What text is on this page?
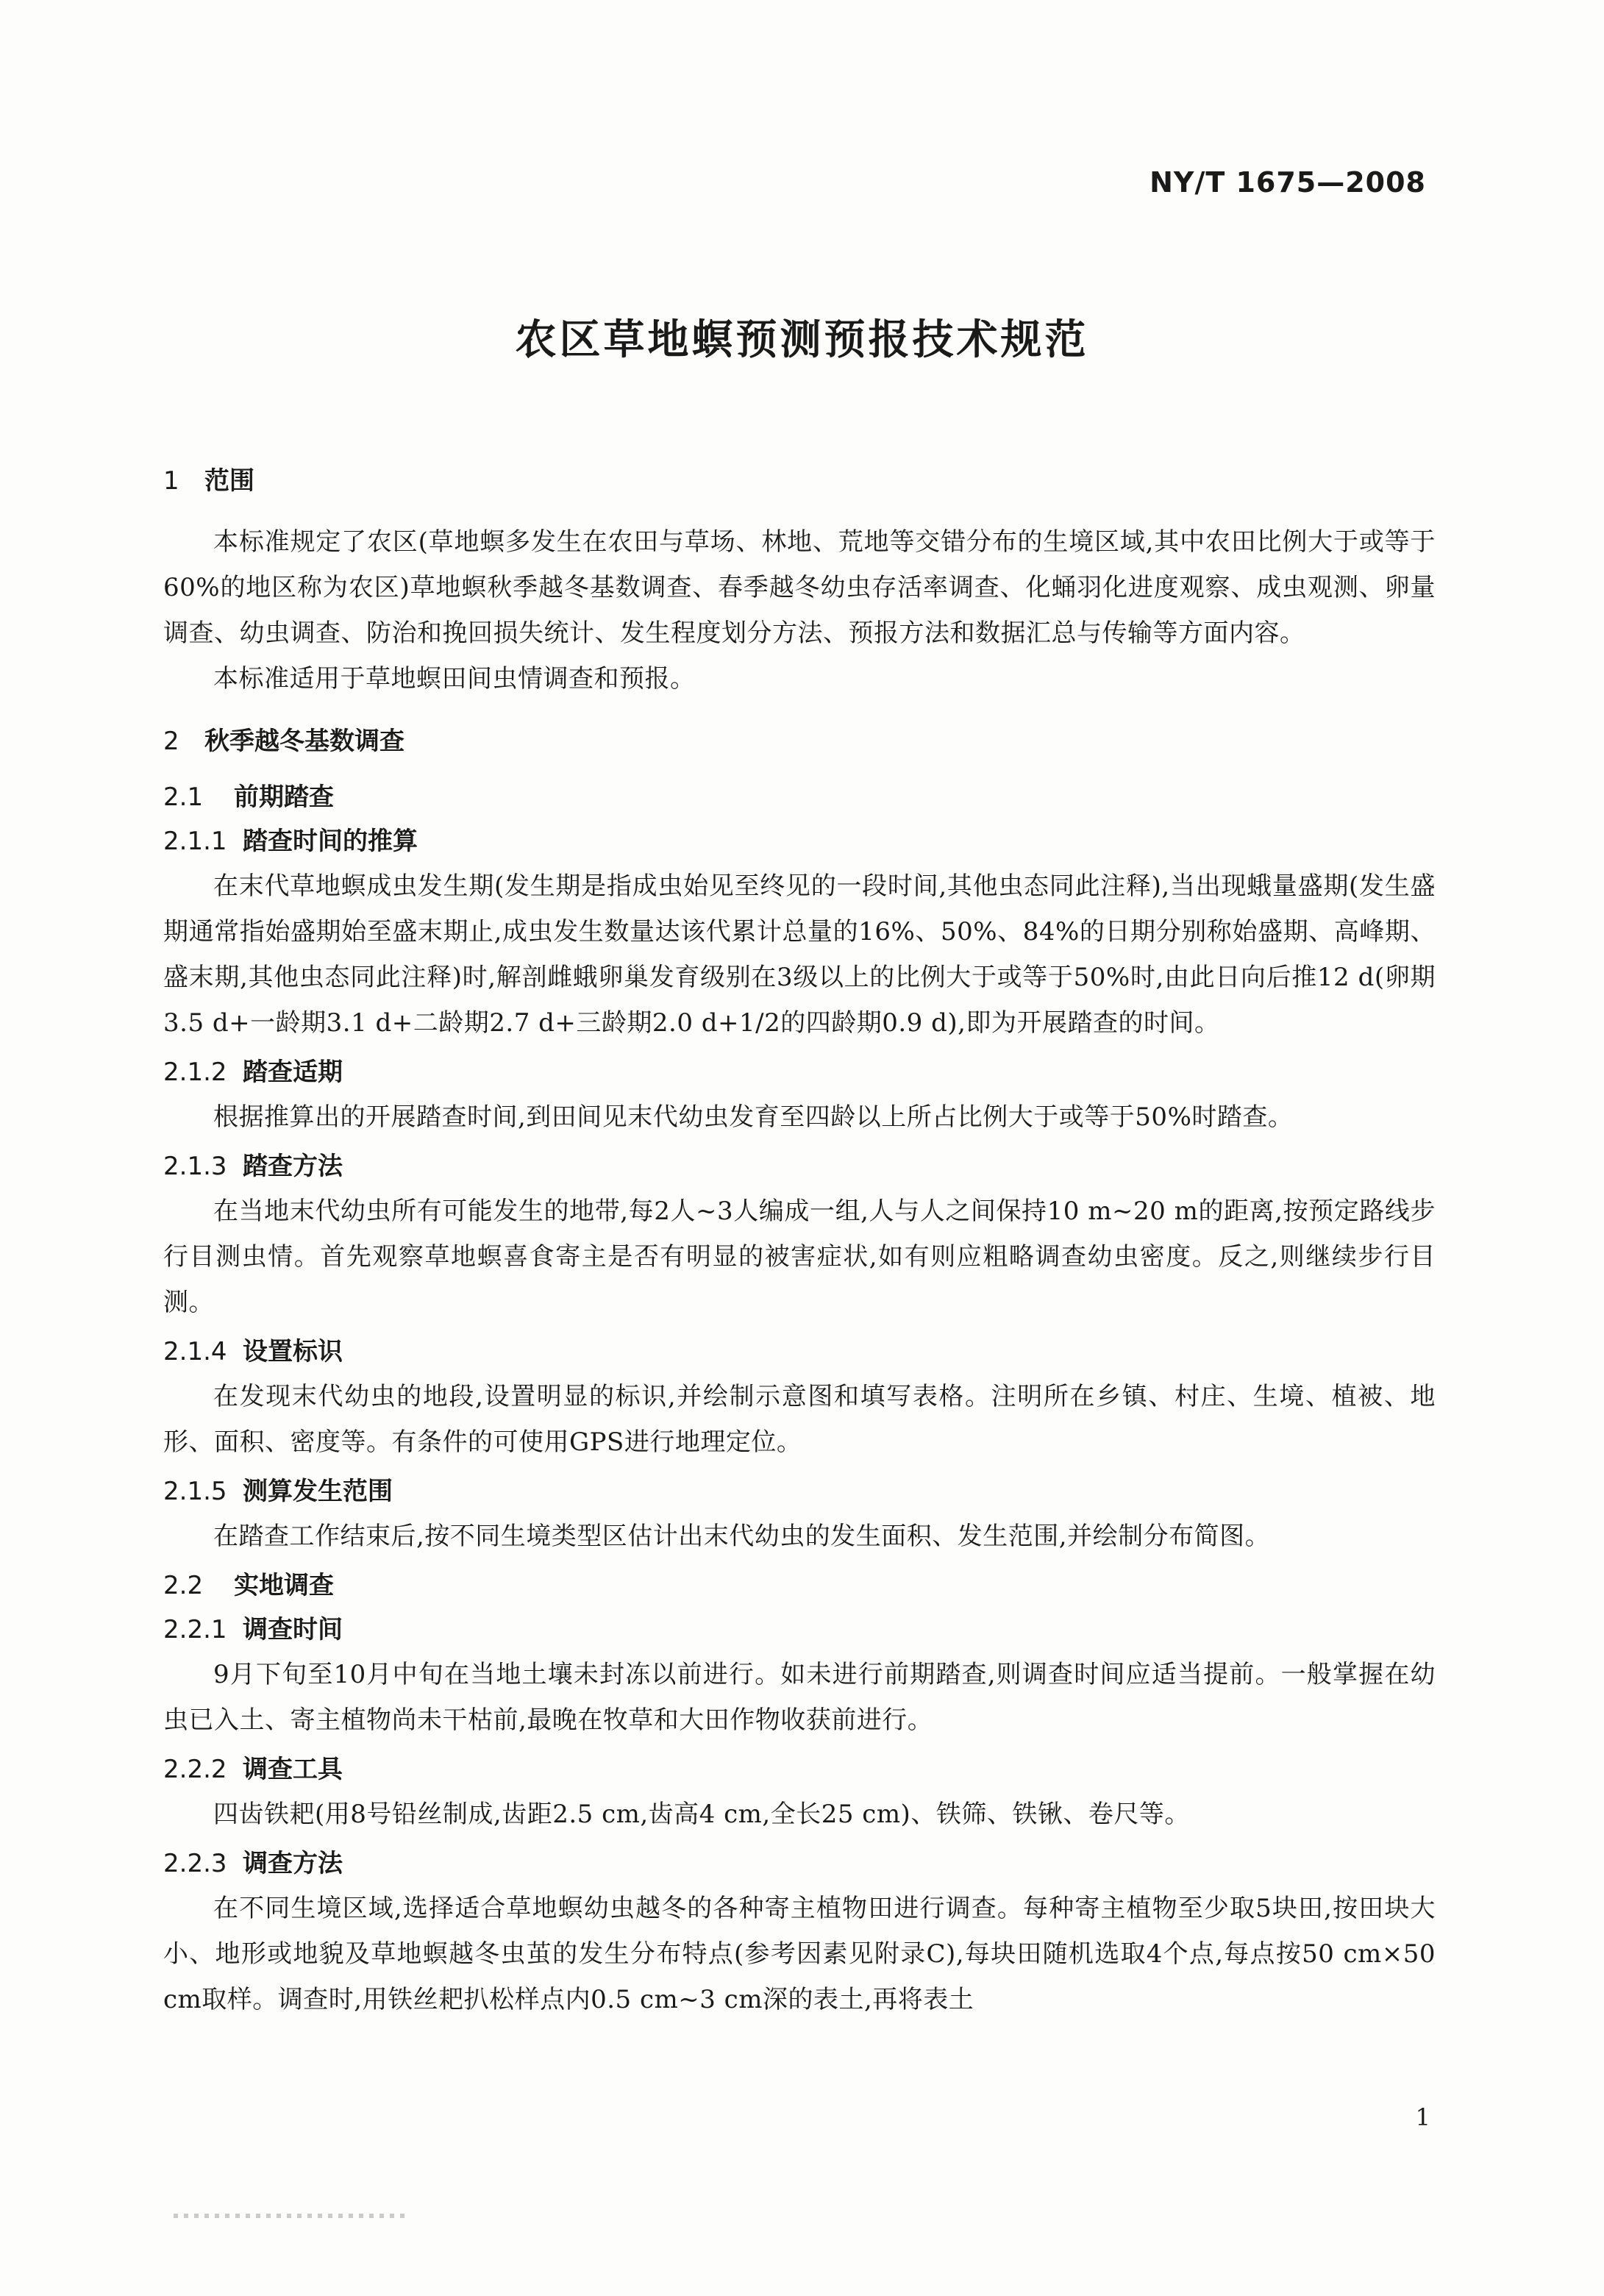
NY/T 1675—2008
农区草地螟预测预报技术规范
1 范围

本标准规定了农区(草地螟多发生在农田与草场、林地、荒地等交错分布的生境区域,其中农田比例大于或等于60%的地区称为农区)草地螟秋季越冬基数调查、春季越冬幼虫存活率调查、化蛹羽化进度观察、成虫观测、卵量调查、幼虫调查、防治和挽回损失统计、发生程度划分方法、预报方法和数据汇总与传输等方面内容。

本标准适用于草地螟田间虫情调查和预报。

2 秋季越冬基数调查
2.1 前期踏查
2.1.1 踏查时间的推算

在末代草地螟成虫发生期(发生期是指成虫始见至终见的一段时间,其他虫态同此注释),当出现蛾量盛期(发生盛期通常指始盛期始至盛末期止,成虫发生数量达该代累计总量的16%、50%、84%的日期分别称始盛期、高峰期、盛末期,其他虫态同此注释)时,解剖雌蛾卵巢发育级别在3级以上的比例大于或等于50%时,由此日向后推12 d(卵期3.5 d+一龄期3.1 d+二龄期2.7 d+三龄期2.0 d+1/2的四龄期0.9 d),即为开展踏查的时间。

2.1.2 踏查适期

根据推算出的开展踏查时间,到田间见末代幼虫发育至四龄以上所占比例大于或等于50%时踏查。

2.1.3 踏查方法

在当地末代幼虫所有可能发生的地带,每2人~3人编成一组,人与人之间保持10 m~20 m的距离,按预定路线步行目测虫情。首先观察草地螟喜食寄主是否有明显的被害症状,如有则应粗略调查幼虫密度。反之,则继续步行目测。

2.1.4 设置标识

在发现末代幼虫的地段,设置明显的标识,并绘制示意图和填写表格。注明所在乡镇、村庄、生境、植被、地形、面积、密度等。有条件的可使用GPS进行地理定位。

2.1.5 测算发生范围

在踏查工作结束后,按不同生境类型区估计出末代幼虫的发生面积、发生范围,并绘制分布简图。

2.2 实地调查
2.2.1 调查时间

9月下旬至10月中旬在当地土壤未封冻以前进行。如未进行前期踏查,则调查时间应适当提前。一般掌握在幼虫已入土、寄主植物尚未干枯前,最晚在牧草和大田作物收获前进行。

2.2.2 调查工具

四齿铁耙(用8号铅丝制成,齿距2.5 cm,齿高4 cm,全长25 cm)、铁筛、铁锹、卷尺等。

2.2.3 调查方法

在不同生境区域,选择适合草地螟幼虫越冬的各种寄主植物田进行调查。每种寄主植物至少取5块田,按田块大小、地形或地貌及草地螟越冬虫茧的发生分布特点(参考因素见附录C),每块田随机选取4个点,每点按50 cm×50 cm取样。调查时,用铁丝耙扒松样点内0.5 cm~3 cm深的表土,再将表土

1
